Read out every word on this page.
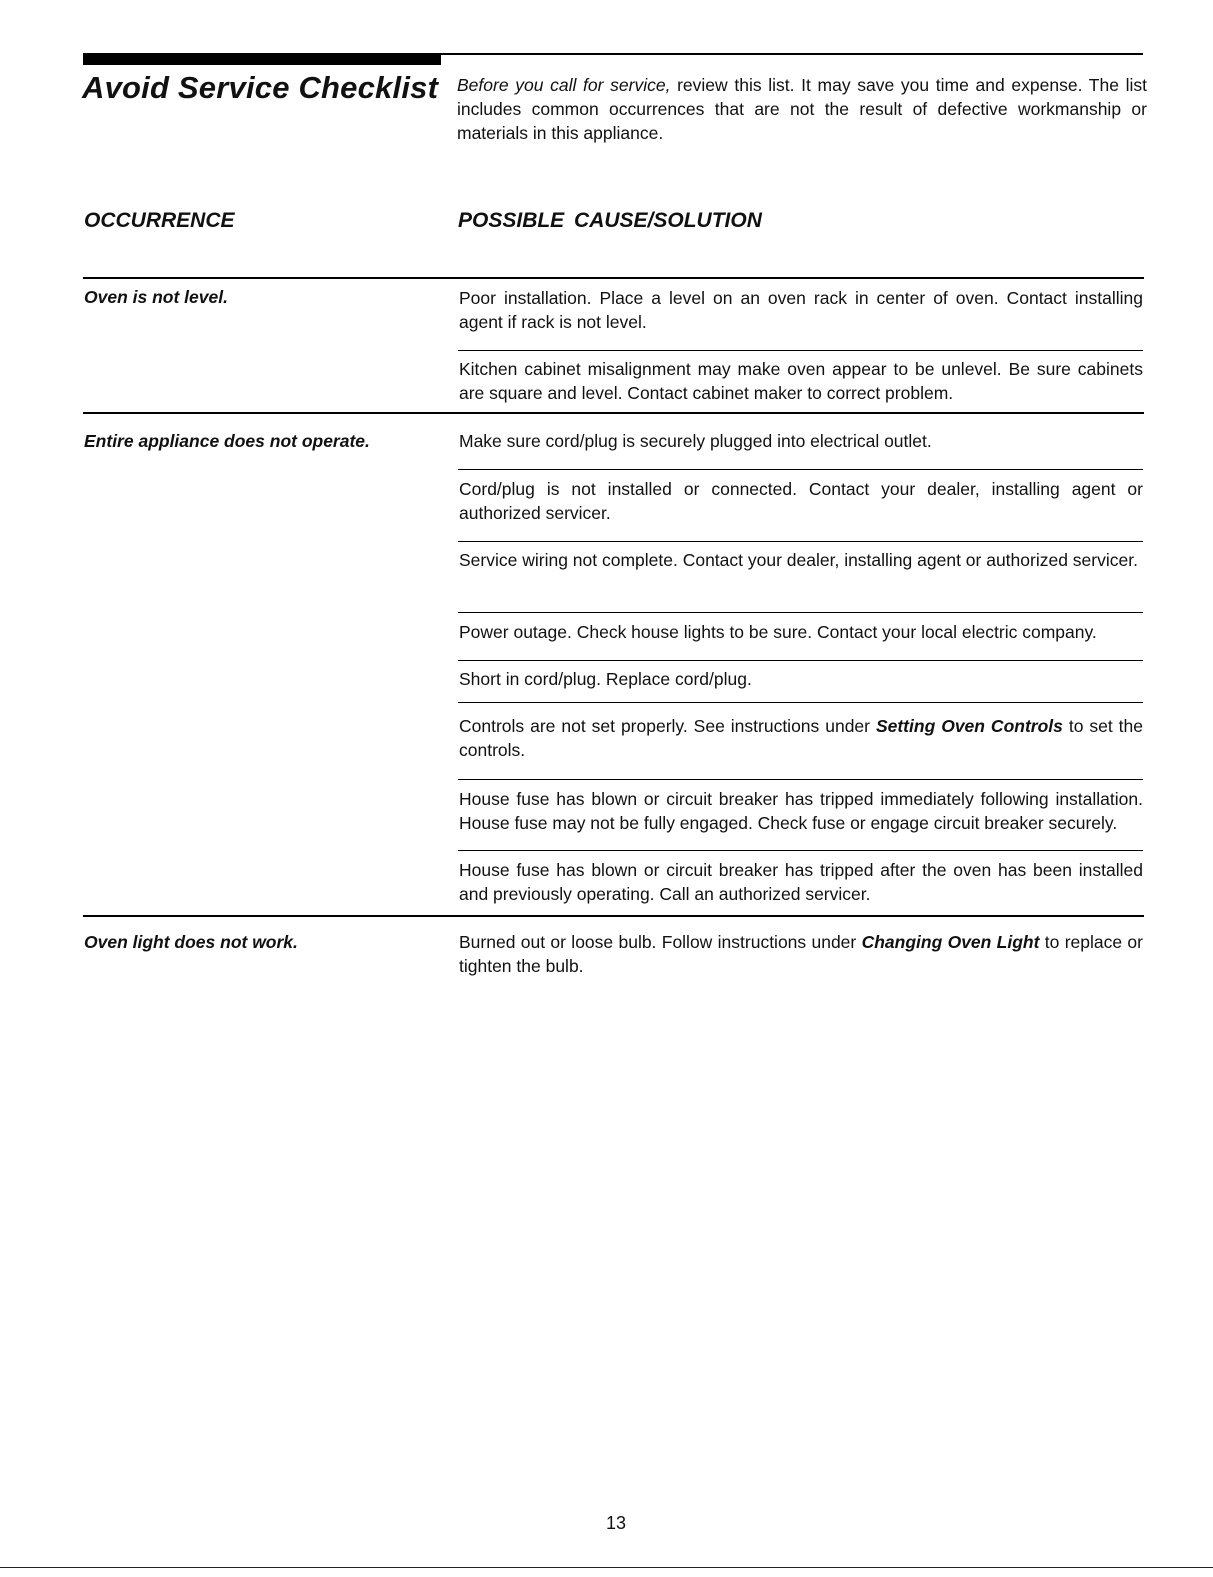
Avoid Service Checklist Before you call for service, review this list. It may save you time and expense. The list includes common occurrences that are not the result of defective workmanship or materials in this appliance.

OCCURRENCE	POSSIBLE CAUSE/SOLUTION

Oven is not level.	Poor installation. Place a level on an oven rack in center of oven. Contact installing agent if rack is not level.

Kitchen cabinet misalignment may make oven appear to be unlevel. Be sure cabinets are square and level. Contact cabinet maker to correct problem.

Entire appliance does not operate.	Make sure cord/plug is securely plugged into electrical outlet.

Cord/plug is not installed or connected. Contact your dealer, installing agent or authorized servicer.

Service wiring not complete. Contact your dealer, installing agent or authorized servicer.

Power outage. Check house lights to be sure. Contact your local electric company.

Short in cord/plug. Replace cord/plug.

Controls are not set properly. See instructions under Setting Oven Controls to set the controls.

House fuse has blown or circuit breaker has tripped immediately following installation. House fuse may not be fully engaged. Check fuse or engage circuit breaker securely.

House fuse has blown or circuit breaker has tripped after the oven has been installed and previously operating. Call an authorized servicer.

Oven light does not work.	Burned out or loose bulb. Follow instructions under Changing Oven Light to replace or tighten the bulb.

13
